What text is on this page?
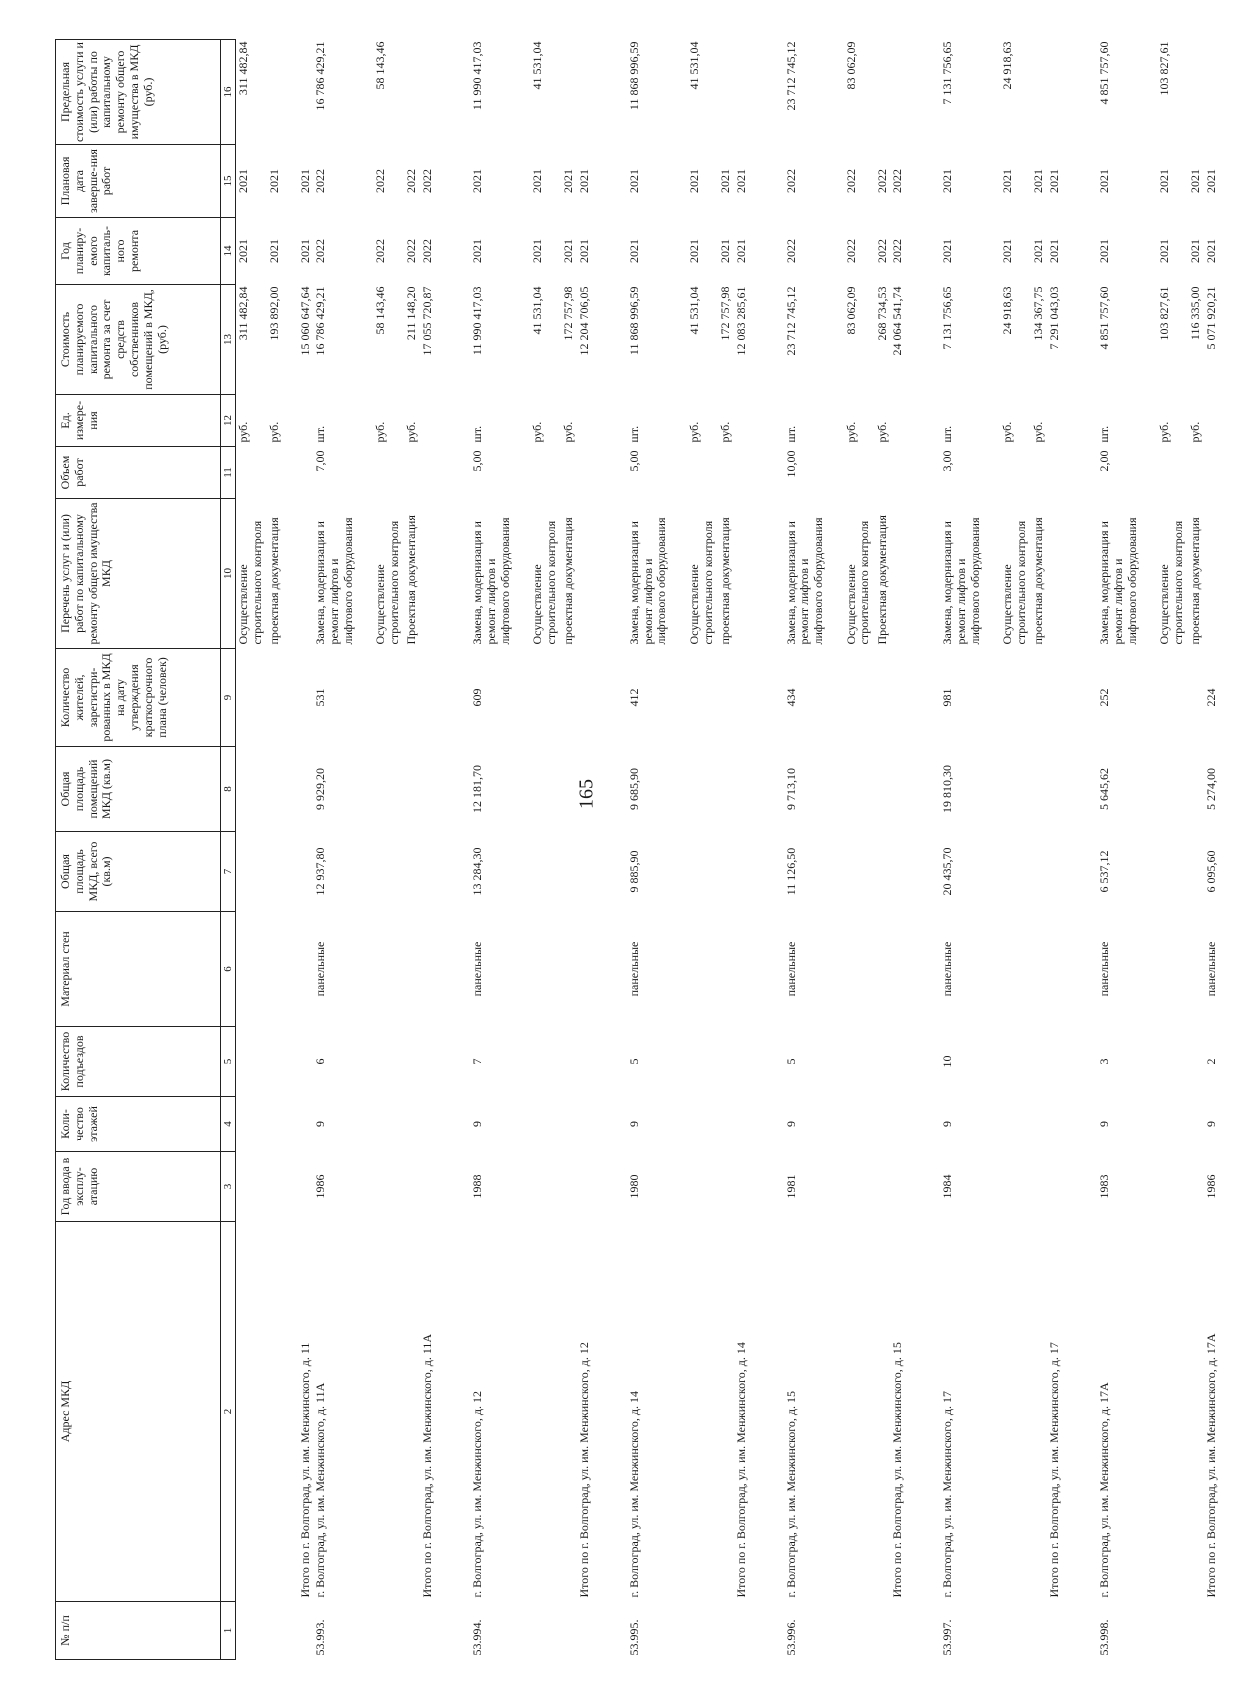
165
№ п/п	Адрес МКД	Год ввода в эксплу-атацию	Коли-чество этажей	Количество подъездов	Материал стен	Общая площадь МКД, всего (кв.м)	Общая площадь помещений МКД (кв.м)	Количество жителей, зарегистри-рованных в МКД на дату утверждения краткосрочного плана (человек)	Перечень услуг и (или) работ по капитальному ремонту общего имущества МКД	Объем работ	Ед. измере-ния	Стоимость планируемого капитального ремонта за счет средств собственников помещений в МКД, (руб.)	Год планиру-емого капиталь-ного ремонта	Плановая дата заверше-ния работ	Предельная стоимость услуги и (или) работы по капитальному ремонту общего имущества в МКД (руб.)
1	2	3	4	5	6	7	8	9	10	11	12	13	14	15	16
									Осуществление строительного контроля		руб.	311 482,84	2021	2021	311 482,84
									проектная документация		руб.	193 892,00	2021	2021	
	Итого по г. Волгоград, ул. им. Менжинского, д. 11											15 060 647,64	2021	2021	
53.993.	г. Волгоград, ул. им. Менжинского, д. 11А	1986	9	6	панельные	12 937,80	9 929,20	531	Замена, модернизация и ремонт лифтов и лифтового оборудования	7,00	шт.	16 786 429,21	2022	2022	16 786 429,21
									Осуществление строительного контроля		руб.	58 143,46	2022	2022	58 143,46
									Проектная документация		руб.	211 148,20	2022	2022	
	Итого по г. Волгоград, ул. им. Менжинского, д. 11А											17 055 720,87	2022	2022	
53.994.	г. Волгоград, ул. им. Менжинского, д. 12	1988	9	7	панельные	13 284,30	12 181,70	609	Замена, модернизация и ремонт лифтов и лифтового оборудования	5,00	шт.	11 990 417,03	2021	2021	11 990 417,03
									Осуществление строительного контроля		руб.	41 531,04	2021	2021	41 531,04
									проектная документация		руб.	172 757,98	2021	2021	
	Итого по г. Волгоград, ул. им. Менжинского, д. 12											12 204 706,05	2021	2021	
53.995.	г. Волгоград, ул. им. Менжинского, д. 14	1980	9	5	панельные	9 885,90	9 685,90	412	Замена, модернизация и ремонт лифтов и лифтового оборудования	5,00	шт.	11 868 996,59	2021	2021	11 868 996,59
									Осуществление строительного контроля		руб.	41 531,04	2021	2021	41 531,04
									проектная документация		руб.	172 757,98	2021	2021	
	Итого по г. Волгоград, ул. им. Менжинского, д. 14											12 083 285,61	2021	2021	
53.996.	г. Волгоград, ул. им. Менжинского, д. 15	1981	9	5	панельные	11 126,50	9 713,10	434	Замена, модернизация и ремонт лифтов и лифтового оборудования	10,00	шт.	23 712 745,12	2022	2022	23 712 745,12
									Осуществление строительного контроля		руб.	83 062,09	2022	2022	83 062,09
									Проектная документация		руб.	268 734,53	2022	2022	
	Итого по г. Волгоград, ул. им. Менжинского, д. 15											24 064 541,74	2022	2022	
53.997.	г. Волгоград, ул. им. Менжинского, д. 17	1984	9	10	панельные	20 435,70	19 810,30	981	Замена, модернизация и ремонт лифтов и лифтового оборудования	3,00	шт.	7 131 756,65	2021	2021	7 131 756,65
									Осуществление строительного контроля		руб.	24 918,63	2021	2021	24 918,63
									проектная документация		руб.	134 367,75	2021	2021	
	Итого по г. Волгоград, ул. им. Менжинского, д. 17											7 291 043,03	2021	2021	
53.998.	г. Волгоград, ул. им. Менжинского, д. 17А	1983	9	3	панельные	6 537,12	5 645,62	252	Замена, модернизация и ремонт лифтов и лифтового оборудования	2,00	шт.	4 851 757,60	2021	2021	4 851 757,60
									Осуществление строительного контроля		руб.	103 827,61	2021	2021	103 827,61
									проектная документация		руб.	116 335,00	2021	2021	
	Итого по г. Волгоград, ул. им. Менжинского, д. 17А	1986	9	2	панельные	6 095,60	5 274,00	224				5 071 920,21	2021	2021	
